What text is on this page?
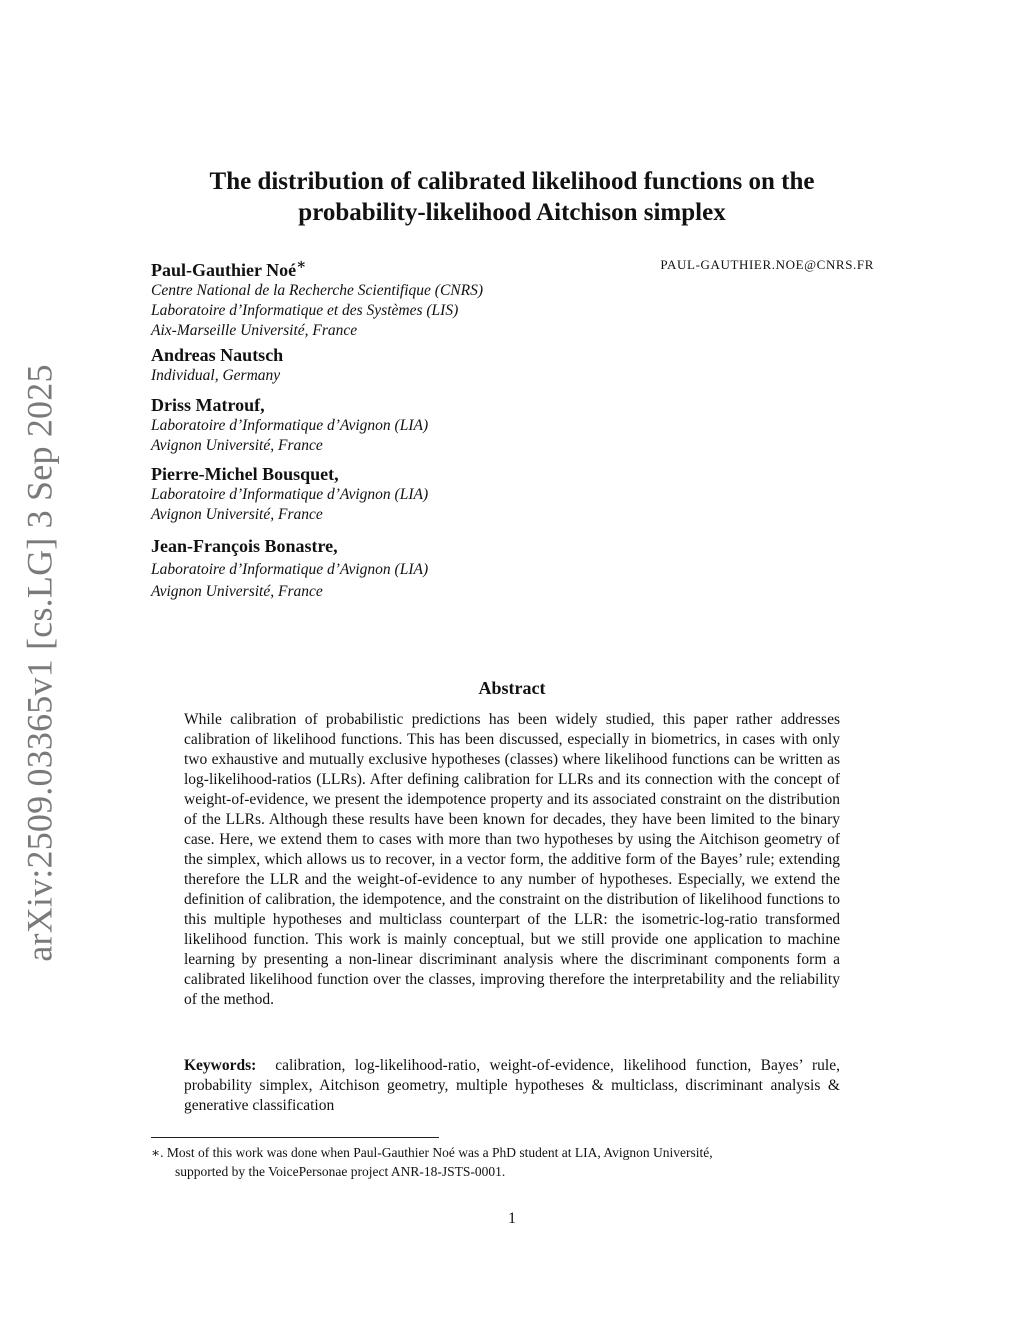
arXiv:2509.03365v1 [cs.LG] 3 Sep 2025
The distribution of calibrated likelihood functions on the
probability-likelihood Aitchison simplex
PAUL-GAUTHIER.NOE@CNRS.FR
Paul-Gauthier Noé∗
Centre National de la Recherche Scientifique (CNRS)
Laboratoire d’Informatique et des Systèmes (LIS)
Aix-Marseille Université, France
Andreas Nautsch
Individual, Germany
Driss Matrouf,
Laboratoire d’Informatique d’Avignon (LIA)
Avignon Université, France
Pierre-Michel Bousquet,
Laboratoire d’Informatique d’Avignon (LIA)
Avignon Université, France
Jean-François Bonastre,
Laboratoire d’Informatique d’Avignon (LIA)
Avignon Université, France
Abstract

While calibration of probabilistic predictions has been widely studied, this paper rather addresses calibration of likelihood functions. This has been discussed, especially in biometrics, in cases with only two exhaustive and mutually exclusive hypotheses (classes) where likelihood functions can be written as log-likelihood-ratios (LLRs). After defining calibration for LLRs and its connection with the concept of weight-of-evidence, we present the idempotence property and its associated constraint on the distribution of the LLRs. Although these results have been known for decades, they have been limited to the binary case. Here, we extend them to cases with more than two hypotheses by using the Aitchison geometry of the simplex, which allows us to recover, in a vector form, the additive form of the Bayes’ rule; extending therefore the LLR and the weight-of-evidence to any number of hypotheses. Especially, we extend the definition of calibration, the idempotence, and the constraint on the distribution of likelihood functions to this multiple hypotheses and multiclass counterpart of the LLR: the isometric-log-ratio transformed likelihood function. This work is mainly conceptual, but we still provide one application to machine learning by presenting a non-linear discriminant analysis where the discriminant components form a calibrated likelihood function over the classes, improving therefore the interpretability and the reliability of the method.

Keywords: calibration, log-likelihood-ratio, weight-of-evidence, likelihood function, Bayes’ rule, probability simplex, Aitchison geometry, multiple hypotheses & multiclass, discriminant analysis & generative classification

∗. Most of this work was done when Paul-Gauthier Noé was a PhD student at LIA, Avignon Université,
supported by the VoicePersonae project ANR-18-JSTS-0001.

1
